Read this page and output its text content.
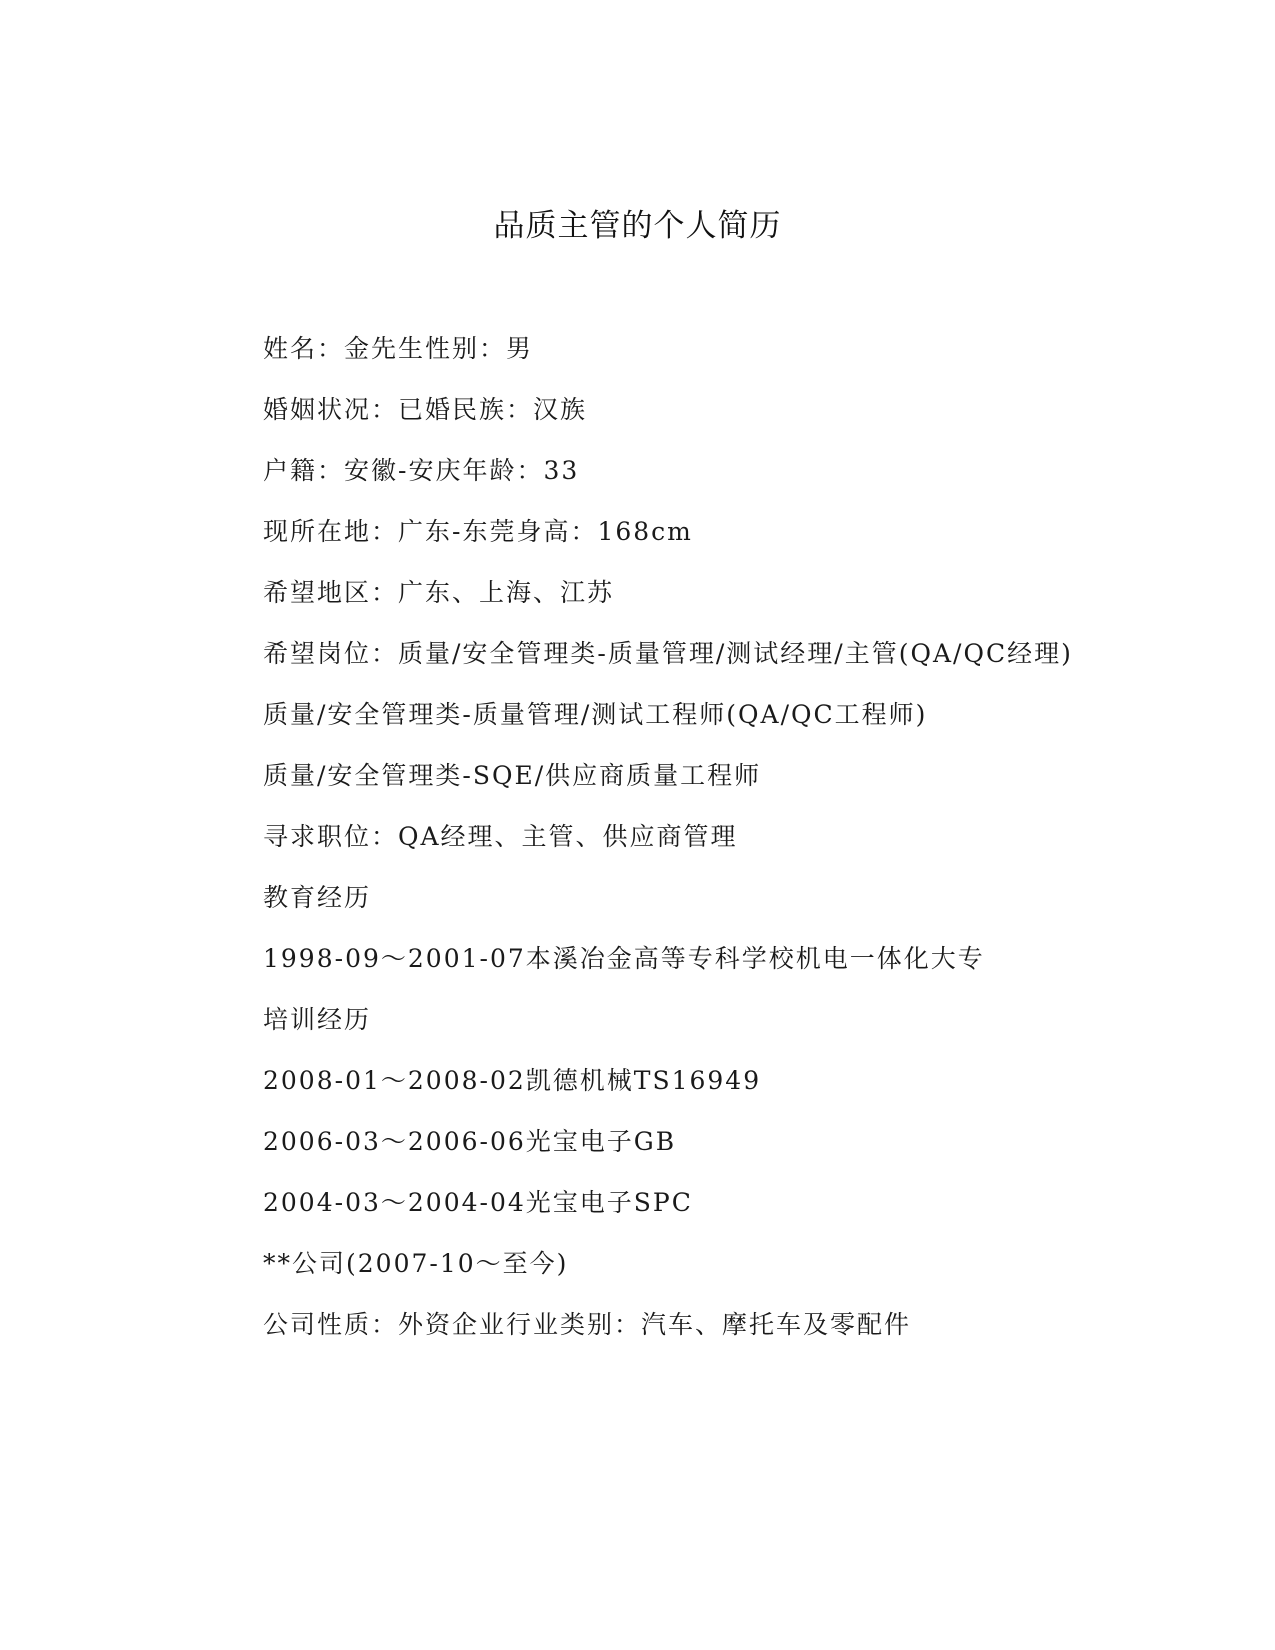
品质主管的个人简历

姓名：金先生性别：男

婚姻状况：已婚民族：汉族

户籍：安徽-安庆年龄：33

现所在地：广东-东莞身高：168cm

希望地区：广东、上海、江苏

希望岗位：质量/安全管理类-质量管理/测试经理/主管(QA/QC经理)

质量/安全管理类-质量管理/测试工程师(QA/QC工程师)

质量/安全管理类-SQE/供应商质量工程师

寻求职位：QA经理、主管、供应商管理

教育经历

1998-09～2001-07本溪冶金高等专科学校机电一体化大专

培训经历

2008-01～2008-02凯德机械TS16949

2006-03～2006-06光宝电子GB

2004-03～2004-04光宝电子SPC

**公司(2007-10～至今)

公司性质：外资企业行业类别：汽车、摩托车及零配件
